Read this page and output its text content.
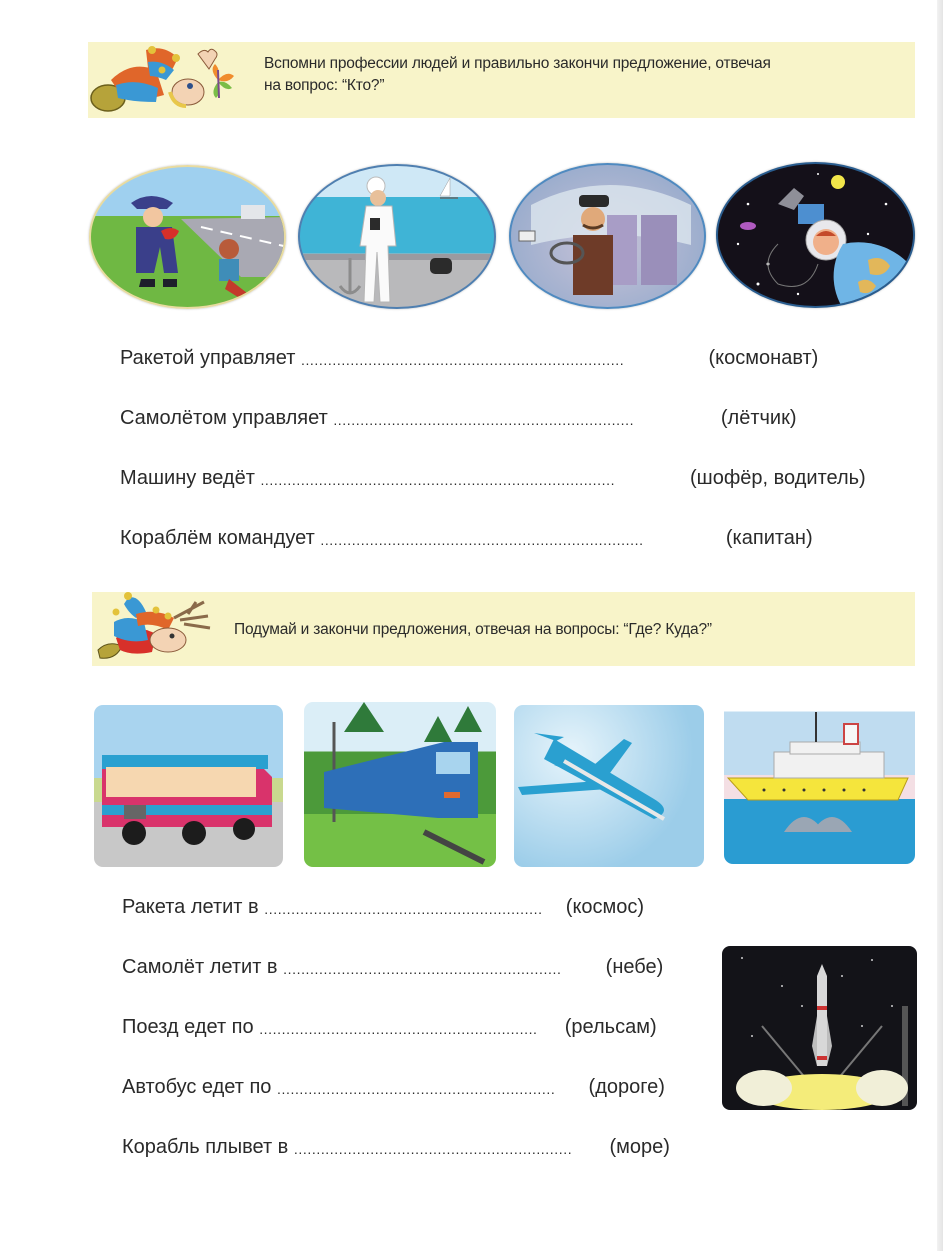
Вспомни профессии людей и правильно закончи предложение, отвечая
на вопрос: “Кто?”
Ракетой управляет ........................................................................	(космонавт)
Самолётом управляет ...................................................................	(лётчик)
Машину ведёт ...............................................................................	(шофёр, водитель)
Кораблём командует ........................................................................	(капитан)
Подумай и закончи предложения, отвечая на вопросы: “Где? Куда?”
Ракета летит в .............................................................. (космос)
Самолёт летит в .............................................................. (небе)
Поезд едет по .............................................................. (рельсам)
Автобус едет по .............................................................. (дороге)
Корабль плывет в .............................................................. (море)
